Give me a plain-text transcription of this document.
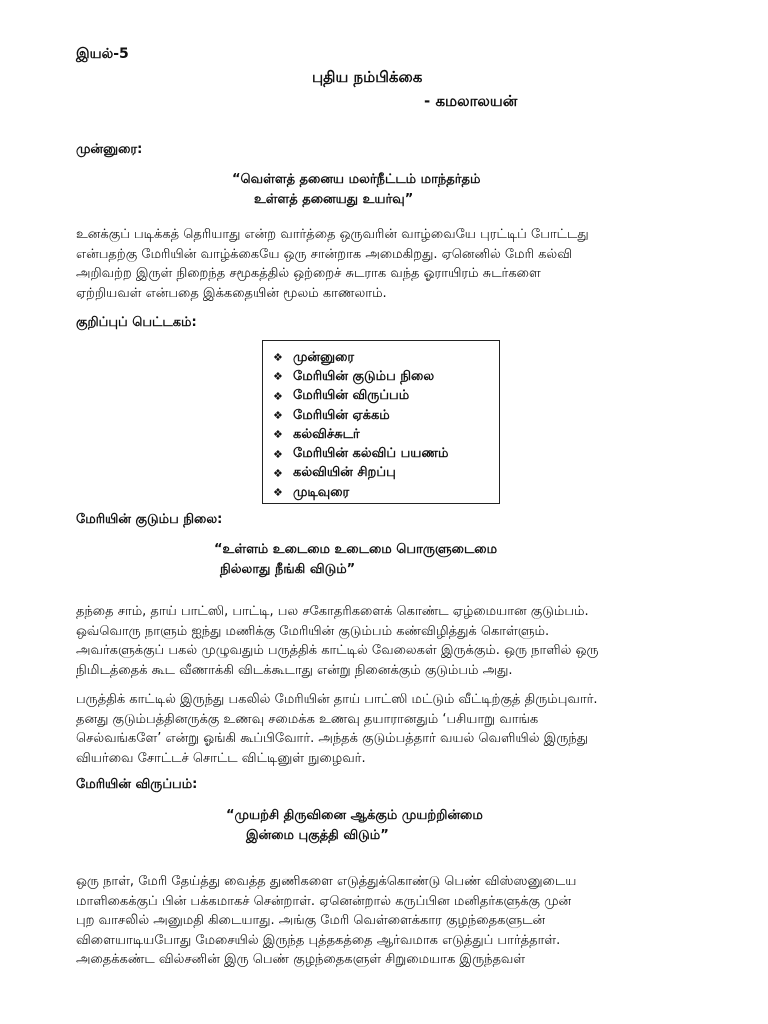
இயல்-5
புதிய நம்பிக்கை
- கமலாலயன்
முன்னுரை:
“வெள்ளத் தனைய மலர்நீட்டம் மாந்தர்தம்
உள்ளத் தனையது உயர்வு”
உனக்குப் படிக்கத் தெரியாது என்ற வார்த்தை ஒருவரின் வாழ்வையே புரட்டிப் போட்டது
என்பதற்கு மேரியின் வாழ்க்கையே ஒரு சான்றாக அமைகிறது. ஏனெனில் மேரி கல்வி
அறிவற்ற இருள் நிறைந்த சமூகத்தில் ஒற்றைச் சுடராக வந்த ஓராயிரம் சுடர்களை
ஏற்றியவள் என்பதை இக்கதையின் மூலம் காணலாம்.
குறிப்புப் பெட்டகம்:
❖ முன்னுரை
❖ மேரியின் குடும்ப நிலை
❖ மேரியின் விருப்பம்
❖ மேரியின் ஏக்கம்
❖ கல்விச்சுடர்
❖ மேரியின் கல்விப் பயணம்
❖ கல்வியின் சிறப்பு
❖ முடிவுரை
மேரியின் குடும்ப நிலை:
“உள்ளம் உடைமை உடைமை பொருளுடைமை
நில்லாது நீங்கி விடும்”
தந்தை சாம், தாய் பாட்ஸி, பாட்டி, பல சகோதரிகளைக் கொண்ட ஏழ்மையான குடும்பம்.
ஒவ்வொரு நாளும் ஐந்து மணிக்கு மேரியின் குடும்பம் கண்விழித்துக் கொள்ளும்.
அவர்களுக்குப் பகல் முழுவதும் பருத்திக் காட்டில் வேலைகள் இருக்கும். ஒரு நாளில் ஒரு
நிமிடத்தைக் கூட வீணாக்கி விடக்கூடாது என்று நினைக்கும் குடும்பம் அது.
பருத்திக் காட்டில் இருந்து பகலில் மேரியின் தாய் பாட்ஸி மட்டும் வீட்டிற்குத் திரும்புவார்.
தனது குடும்பத்தினருக்கு உணவு சமைக்க உணவு தயாரானதும் ‘பசியாறு வாங்க
செல்வங்களே’ என்று ஓங்கி கூப்பிவோர். அந்தக் குடும்பத்தார் வயல் வெளியில் இருந்து
வியர்வை சோட்டச் சொட்ட விட்டினுள் நுழைவர்.
மேரியின் விருப்பம்:
“முயற்சி திருவினை ஆக்கும் முயற்றின்மை
இன்மை புகுத்தி விடும்”
ஒரு நாள், மேரி தேய்த்து வைத்த துணிகளை எடுத்துக்கொண்டு பெண் விஸ்ஸனுடைய
மாளிகைக்குப் பின் பக்கமாகச் சென்றாள். ஏனென்றால் கருப்பின மனிதர்களுக்கு முன்
புற வாசலில் அனுமதி கிடையாது. அங்கு மேரி வெள்ளைக்கார குழந்தைகளுடன்
விளையாடியபோது மேசையில் இருந்த புத்தகத்தை ஆர்வமாக எடுத்துப் பார்த்தாள்.
அதைக்கண்ட வில்சனின் இரு பெண் குழந்தைகளுள் சிறுமையாக இருந்தவள்
